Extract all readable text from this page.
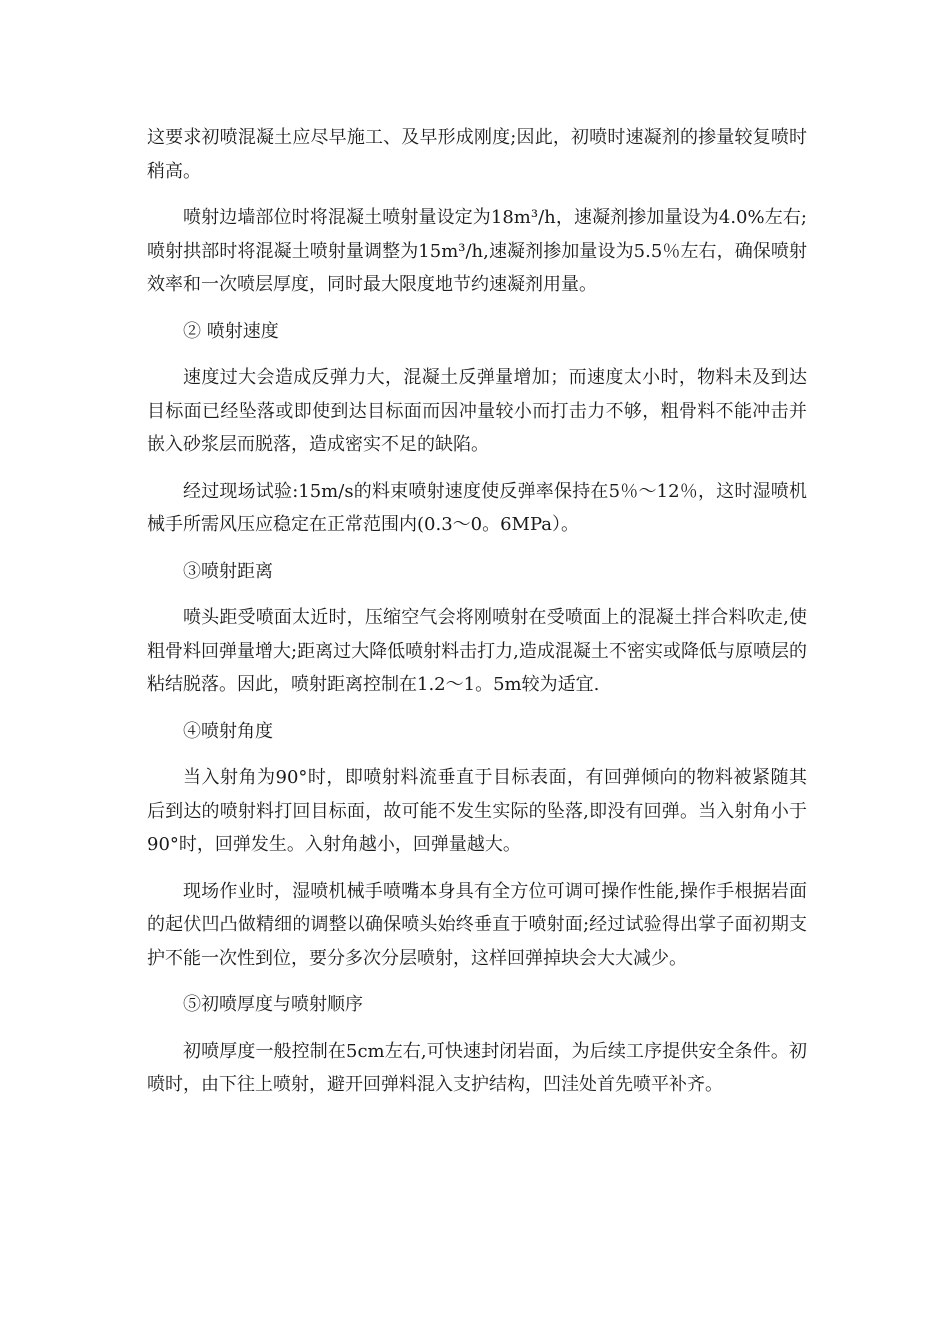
这要求初喷混凝土应尽早施工、及早形成刚度;因此，初喷时速凝剂的掺量较复喷时稍高。

喷射边墙部位时将混凝土喷射量设定为18m³/h，速凝剂掺加量设为4.0%左右;喷射拱部时将混凝土喷射量调整为15m³/h,速凝剂掺加量设为5.5％左右，确保喷射效率和一次喷层厚度，同时最大限度地节约速凝剂用量。

② 喷射速度

速度过大会造成反弹力大，混凝土反弹量增加；而速度太小时，物料未及到达目标面已经坠落或即使到达目标面而因冲量较小而打击力不够，粗骨料不能冲击并嵌入砂浆层而脱落，造成密实不足的缺陷。

经过现场试验:15m/s的料束喷射速度使反弹率保持在5％～12％，这时湿喷机械手所需风压应稳定在正常范围内(0.3～0。6MPa）。

③喷射距离

喷头距受喷面太近时，压缩空气会将刚喷射在受喷面上的混凝土拌合料吹走,使粗骨料回弹量增大;距离过大降低喷射料击打力,造成混凝土不密实或降低与原喷层的粘结脱落。因此，喷射距离控制在1.2～1。5m较为适宜.

④喷射角度

当入射角为90°时，即喷射料流垂直于目标表面，有回弹倾向的物料被紧随其后到达的喷射料打回目标面，故可能不发生实际的坠落,即没有回弹。当入射角小于90°时，回弹发生。入射角越小，回弹量越大。

现场作业时，湿喷机械手喷嘴本身具有全方位可调可操作性能,操作手根据岩面的起伏凹凸做精细的调整以确保喷头始终垂直于喷射面;经过试验得出掌子面初期支护不能一次性到位，要分多次分层喷射，这样回弹掉块会大大减少。

⑤初喷厚度与喷射顺序

初喷厚度一般控制在5cm左右,可快速封闭岩面，为后续工序提供安全条件。初喷时，由下往上喷射，避开回弹料混入支护结构，凹洼处首先喷平补齐。
